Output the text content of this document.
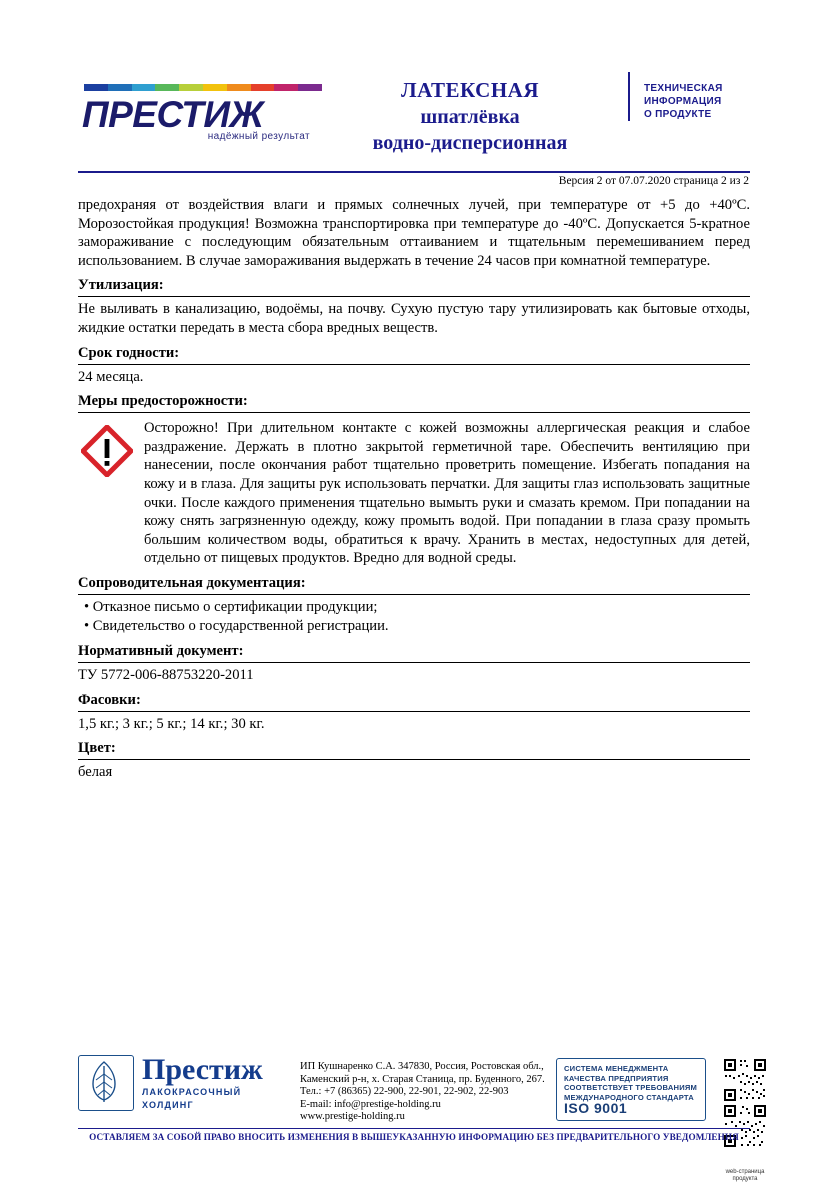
ПРЕСТИЖ
надёжный результат
ЛАТЕКСНАЯ
шпатлёвка
водно-дисперсионная
ТЕХНИЧЕСКАЯ
ИНФОРМАЦИЯ
О ПРОДУКТЕ
Версия 2 от 07.07.2020 страница 2 из 2

предохраняя от воздействия влаги и прямых солнечных лучей, при температуре от +5 до +40ºС. Морозостойкая продукция! Возможна транспортировка при температуре до -40ºС. Допускается 5-кратное замораживание с последующим обязательным оттаиванием и тщательным перемешиванием перед использованием. В случае замораживания выдержать в течение 24 часов при комнатной температуре.

Утилизация:
Не выливать в канализацию, водоёмы, на почву. Сухую пустую тару утилизировать как бытовые отходы, жидкие остатки передать в места сбора вредных веществ.
Срок годности:
24 месяца.
Меры предосторожности:
Осторожно! При длительном контакте с кожей возможны аллергическая реакция и слабое раздражение. Держать в плотно закрытой герметичной таре. Обеспечить вентиляцию при нанесении, после окончания работ тщательно проветрить помещение. Избегать попадания на кожу и в глаза. Для защиты рук использовать перчатки. Для защиты глаз использовать защитные очки. После каждого применения тщательно вымыть руки и смазать кремом. При попадании на кожу снять загрязненную одежду, кожу промыть водой. При попадании в глаза сразу промыть большим количеством воды, обратиться к врачу. Хранить в местах, недоступных для детей, отдельно от пищевых продуктов. Вредно для водной среды.
Сопроводительная документация:
• Отказное письмо о сертификации продукции;
• Свидетельство о государственной регистрации.
Нормативный документ:
ТУ 5772-006-88753220-2011
Фасовки:
1,5 кг.; 3 кг.; 5 кг.; 14 кг.; 30 кг.
Цвет:
белая
Престиж
ЛАКОКРАСОЧНЫЙ
ХОЛДИНГ
ИП Кушнаренко С.А. 347830, Россия, Ростовская обл.,
Каменский р-н, х. Старая Станица, пр. Буденного, 267.
Тел.: +7 (86365) 22-900, 22-901, 22-902, 22-903
E-mail: info@prestige-holding.ru
www.prestige-holding.ru
СИСТЕМА МЕНЕДЖМЕНТА
КАЧЕСТВА ПРЕДПРИЯТИЯ
СООТВЕТСТВУЕТ ТРЕБОВАНИЯМ
МЕЖДУНАРОДНОГО СТАНДАРТА
ISO 9001

web-страница
продукта
ОСТАВЛЯЕМ ЗА СОБОЙ ПРАВО ВНОСИТЬ ИЗМЕНЕНИЯ В ВЫШЕУКАЗАННУЮ ИНФОРМАЦИЮ БЕЗ ПРЕДВАРИТЕЛЬНОГО УВЕДОМЛЕНИЯ
